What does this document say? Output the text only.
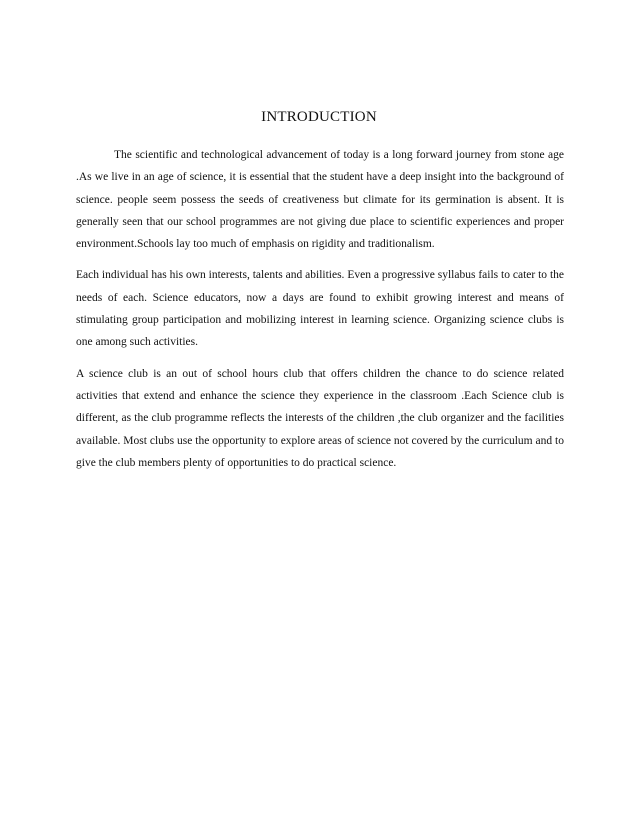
INTRODUCTION

The scientific and technological advancement of today is a long forward journey from stone age .As we live in an age of science, it is essential that the student have a deep insight into the background of science. people seem possess the seeds of creativeness but climate for its germination is absent. It is generally seen that our school programmes are not giving due place to scientific experiences and proper environment.Schools lay too much of emphasis on rigidity and traditionalism.

Each individual has his own interests, talents and abilities. Even a progressive syllabus fails to cater to the needs of each. Science educators, now a days are found to exhibit growing interest and means of stimulating group participation and mobilizing interest in learning science. Organizing science clubs is one among such activities.

A science club is an out of school hours club that offers children the chance to do science related activities that extend and enhance the science they experience in the classroom .Each Science club is different, as the club programme reflects the interests of the children ,the club organizer and the facilities available. Most clubs use the opportunity to explore areas of science not covered by the curriculum and to give the club members plenty of opportunities to do practical science.
